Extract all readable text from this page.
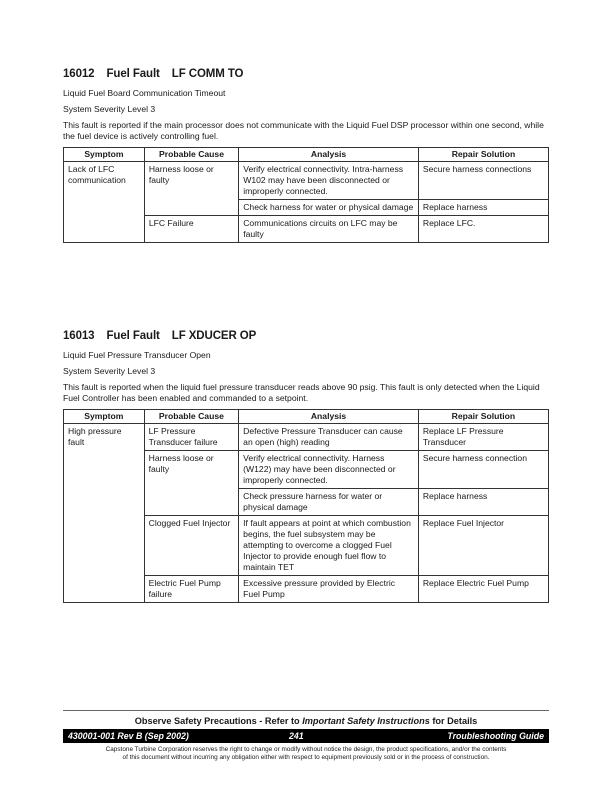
16012 Fuel Fault LF COMM TO

Liquid Fuel Board Communication Timeout

System Severity Level 3

This fault is reported if the main processor does not communicate with the Liquid Fuel DSP processor within one second, while the fuel device is actively controlling fuel.

Symptom	Probable Cause	Analysis	Repair Solution
Lack of LFC communication	Harness loose or faulty	Verify electrical connectivity. Intra-harness W102 may have been disconnected or improperly connected.	Secure harness connections
		Check harness for water or physical damage	Replace harness
	LFC Failure	Communications circuits on LFC may be faulty	Replace LFC.
16013 Fuel Fault LF XDUCER OP

Liquid Fuel Pressure Transducer Open

System Severity Level 3

This fault is reported when the liquid fuel pressure transducer reads above 90 psig. This fault is only detected when the Liquid Fuel Controller has been enabled and commanded to a setpoint.

Symptom	Probable Cause	Analysis	Repair Solution
High pressure fault	LF Pressure Transducer failure	Defective Pressure Transducer can cause an open (high) reading	Replace LF Pressure Transducer
	Harness loose or faulty	Verify electrical connectivity. Harness (W122) may have been disconnected or improperly connected.	Secure harness connection
		Check pressure harness for water or physical damage	Replace harness
	Clogged Fuel Injector	If fault appears at point at which combustion begins, the fuel subsystem may be attempting to overcome a clogged Fuel Injector to provide enough fuel flow to maintain TET	Replace Fuel Injector
	Electric Fuel Pump failure	Excessive pressure provided by Electric Fuel Pump	Replace Electric Fuel Pump
Observe Safety Precautions - Refer to Important Safety Instructions for Details
430001-001 Rev B (Sep 2002)	241	Troubleshooting Guide
Capstone Turbine Corporation reserves the right to change or modify without notice the design, the product specifications, and/or the contents
of this document without incurring any obligation either with respect to equipment previously sold or in the process of construction.
